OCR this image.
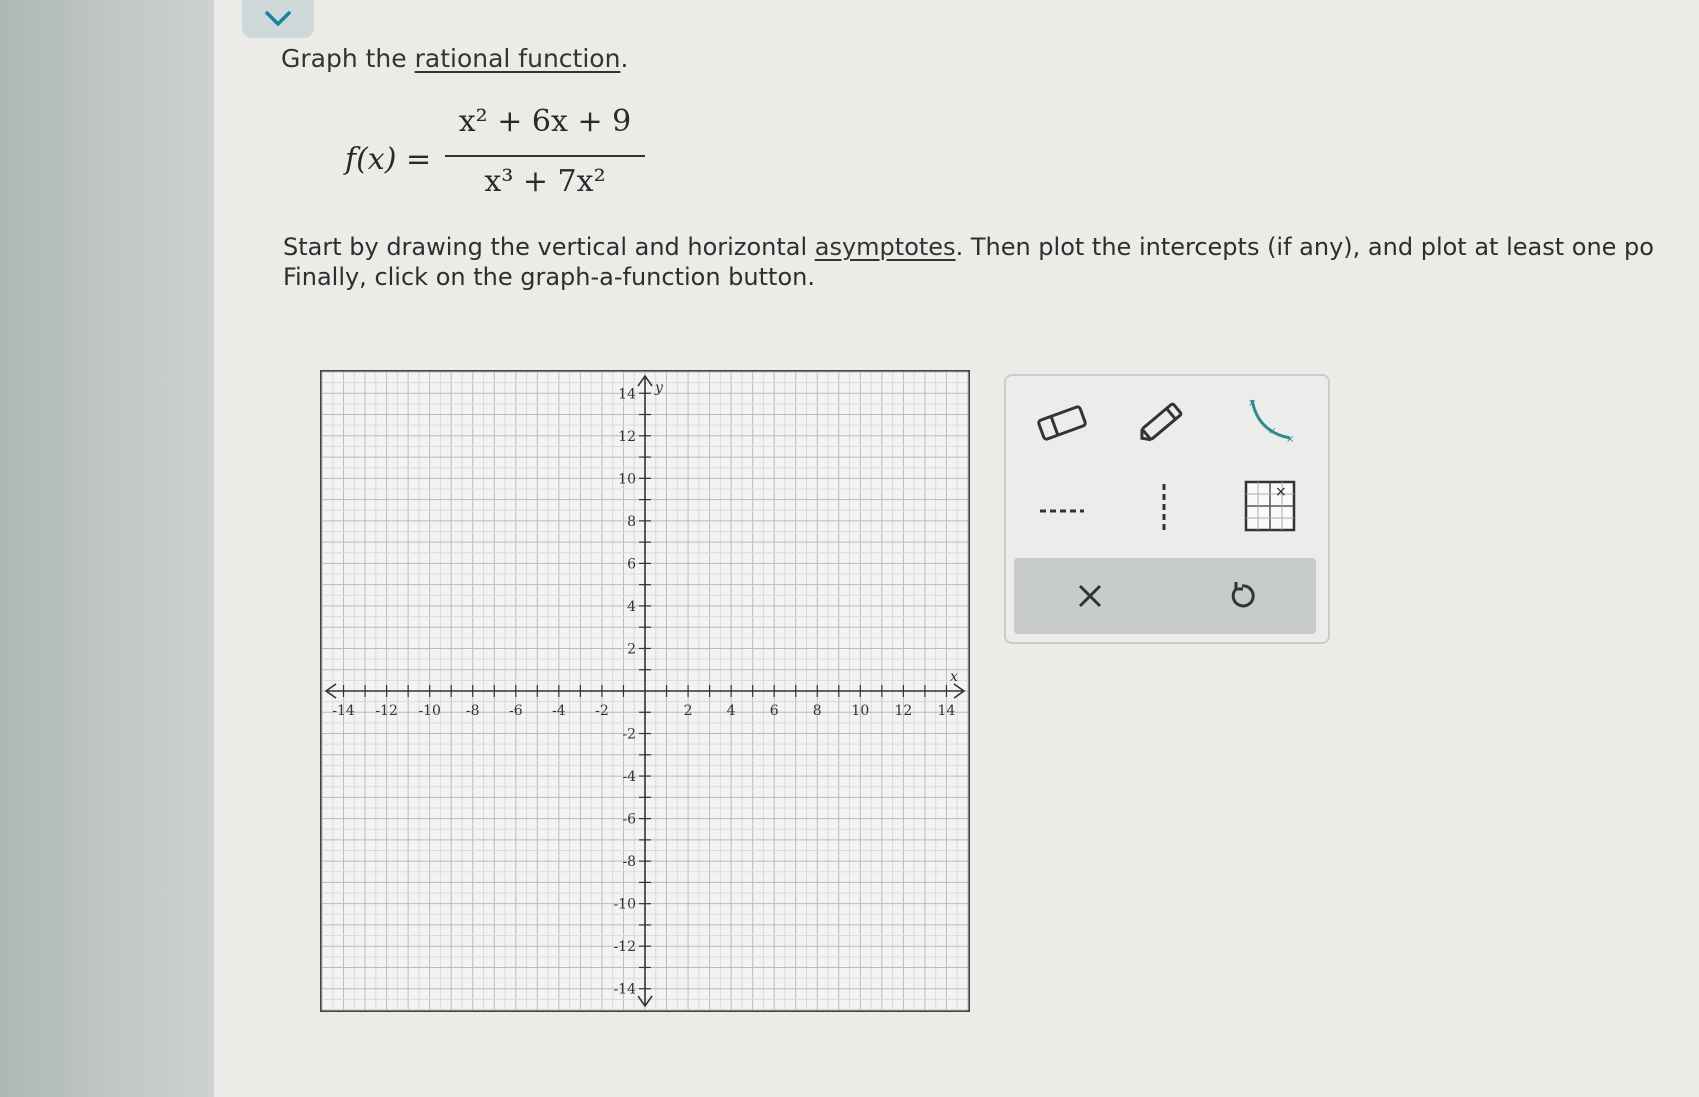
Graph the rational function.
f(x) =
x² + 6x + 9
x³ + 7x²
Start by drawing the vertical and horizontal asymptotes. Then plot the intercepts (if any), and plot at least one po
Finally, click on the graph-a-function button.
-14 -12 -10 -8 -6 -4 -2	2 4 6 8 10 12 14
14
12
10
8
6
4
2
-2
-4
-6
-8
-10
-12
-14
x
y
×
×
×
×
